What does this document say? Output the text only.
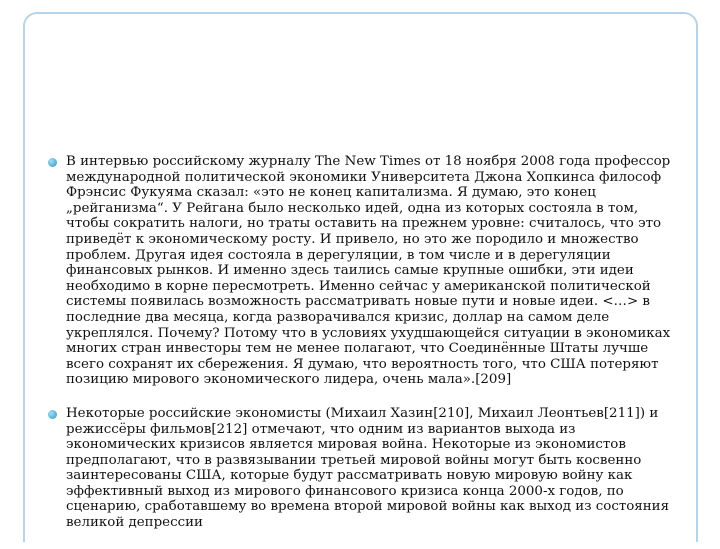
В интервью российскому журналу The New Times от 18 ноября 2008 года профессор международной политической экономики Университета Джона Хопкинса философ Фрэнсис Фукуяма сказал: «это не конец капитализма. Я думаю, это конец „рейганизма“. У Рейгана было несколько идей, одна из которых состояла в том, чтобы сократить налоги, но траты оставить на прежнем уровне: считалось, что это приведёт к экономическому росту. И привело, но это же породило и множество проблем. Другая идея состояла в дерегуляции, в том числе и в дерегуляции финансовых рынков. И именно здесь таились самые крупные ошибки, эти идеи необходимо в корне пересмотреть. Именно сейчас у американской политической системы появилась возможность рассматривать новые пути и новые идеи. <…> в последние два месяца, когда разворачивался кризис, доллар на самом деле укреплялся. Почему? Потому что в условиях ухудшающейся ситуации в экономиках многих стран инвесторы тем не менее полагают, что Соединённые Штаты лучше всего сохранят их сбережения. Я думаю, что вероятность того, что США потеряют позицию мирового экономического лидера, очень мала».[209]
Некоторые российские экономисты (Михаил Хазин[210], Михаил Леонтьев[211]) и режиссёры фильмов[212] отмечают, что одним из вариантов выхода из экономических кризисов является мировая война. Некоторые из экономистов предполагают, что в развязывании третьей мировой войны могут быть косвенно заинтересованы США, которые будут рассматривать новую мировую войну как эффективный выход из мирового финансового кризиса конца 2000-х годов, по сценарию, сработавшему во времена второй мировой войны как выход из состояния великой депрессии
